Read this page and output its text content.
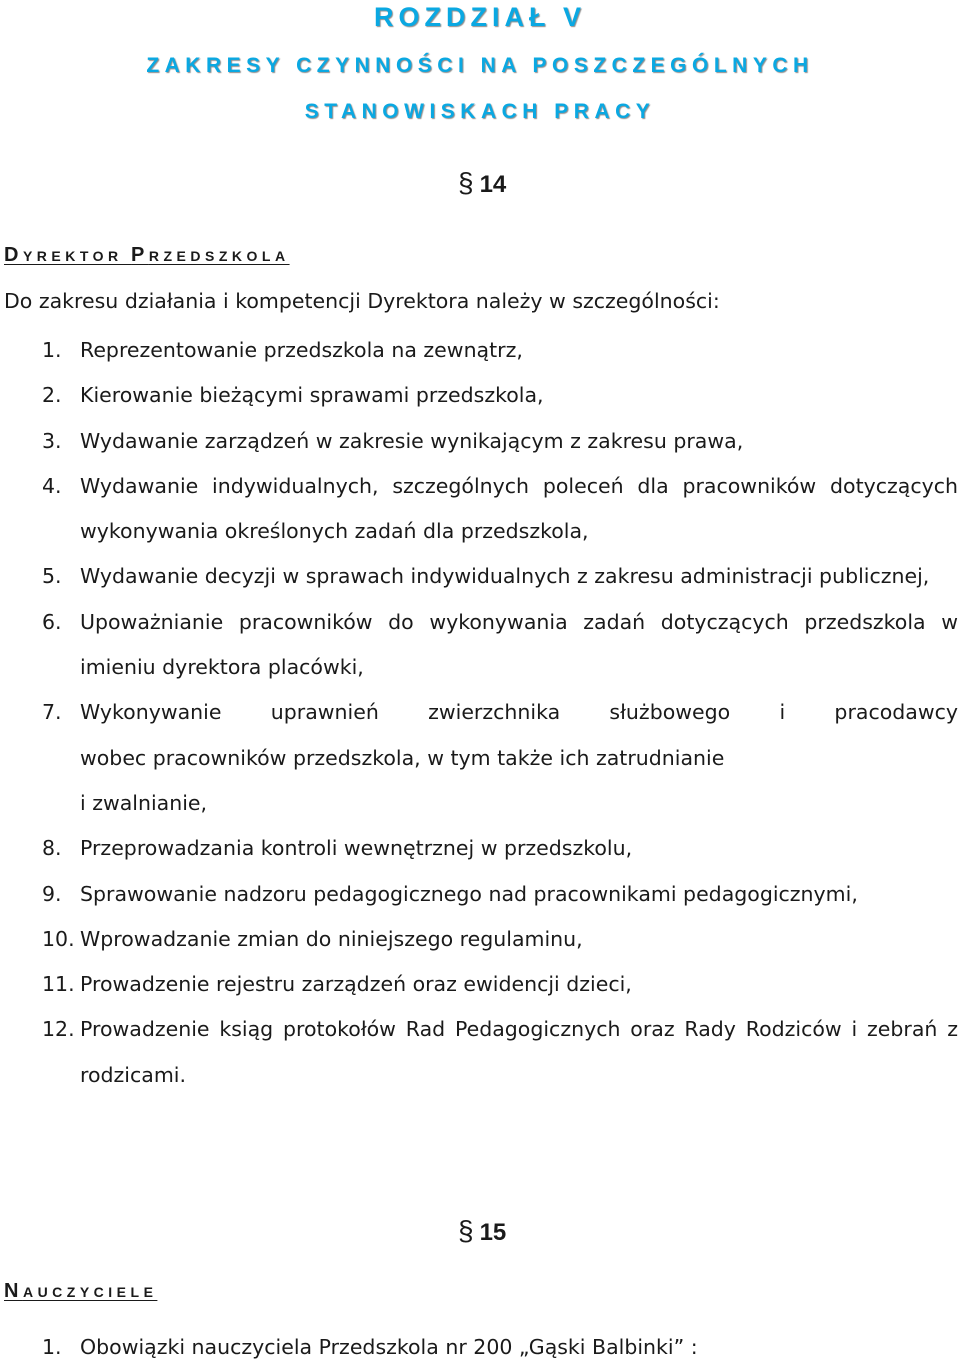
ROZDZIAŁ V
ZAKRESY CZYNNOŚCI NA POSZCZEGÓLNYCH
STANOWISKACH PRACY
§ 14
DYREKTOR PRZEDSZKOLA
Do zakresu działania i kompetencji Dyrektora należy w szczególności:
1. Reprezentowanie przedszkola na zewnątrz,
2. Kierowanie bieżącymi sprawami przedszkola,
3. Wydawanie zarządzeń w zakresie wynikającym z zakresu prawa,
4. Wydawanie indywidualnych, szczególnych poleceń dla pracowników dotyczących wykonywania określonych zadań dla przedszkola,
5. Wydawanie decyzji w sprawach indywidualnych z zakresu administracji publicznej,
6. Upoważnianie pracowników do wykonywania zadań dotyczących przedszkola w imieniu dyrektora placówki,
7. Wykonywanie uprawnień zwierzchnika służbowego i pracodawcy
wobec pracowników przedszkola, w tym także ich zatrudnianie
i zwalnianie,
8. Przeprowadzania kontroli wewnętrznej w przedszkolu,
9. Sprawowanie nadzoru pedagogicznego nad pracownikami pedagogicznymi,
10. Wprowadzanie zmian do niniejszego regulaminu,
11. Prowadzenie rejestru zarządzeń oraz ewidencji dzieci,
12. Prowadzenie ksiąg protokołów Rad Pedagogicznych oraz Rady Rodziców i zebrań z rodzicami.
§ 15
NAUCZYCIELE
1. Obowiązki nauczyciela Przedszkola nr 200 „Gąski Balbinki” :
